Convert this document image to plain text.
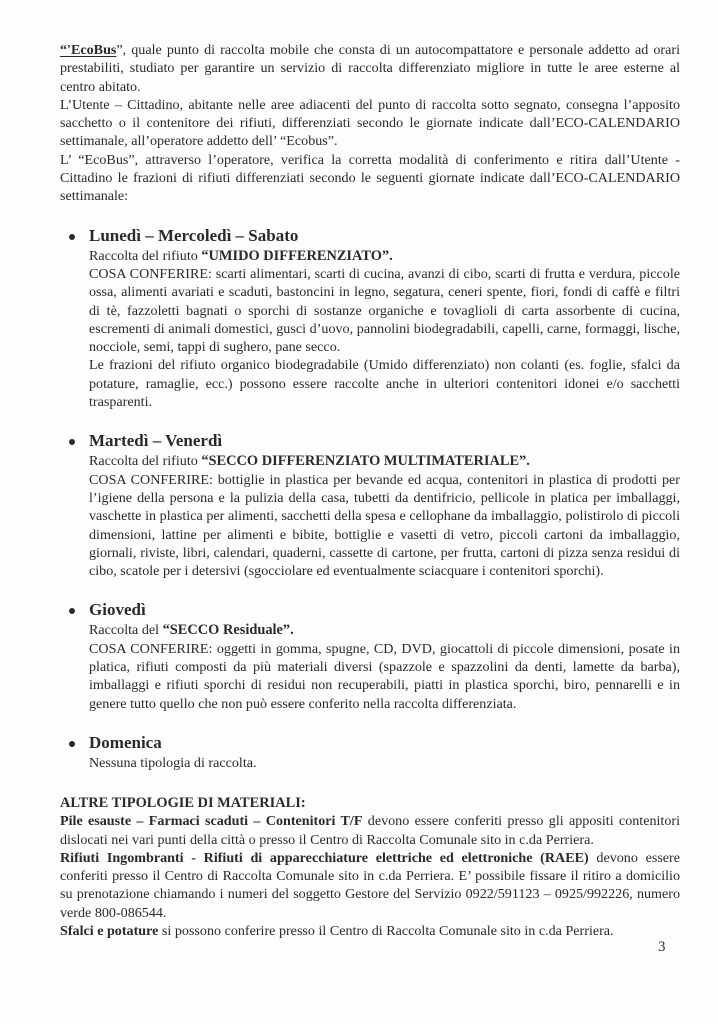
“'EcoBus”, quale punto di raccolta mobile che consta di un autocompattatore e personale addetto ad orari prestabiliti, studiato per garantire un servizio di raccolta differenziato migliore in tutte le aree esterne al centro abitato.

L’Utente – Cittadino, abitante nelle aree adiacenti del punto di raccolta sotto segnato, consegna l’apposito sacchetto o il contenitore dei rifiuti, differenziati secondo le giornate indicate dall’ECO-CALENDARIO settimanale, all’operatore addetto dell’ “Ecobus”.

L’ “EcoBus”, attraverso l’operatore, verifica la corretta modalità di conferimento e ritira dall’Utente - Cittadino le frazioni di rifiuti differenziati secondo le seguenti giornate indicate dall’ECO-CALENDARIO settimanale:

Lunedì – Mercoledì – Sabato

Raccolta del rifiuto “UMIDO DIFFERENZIATO”.

COSA CONFERIRE: scarti alimentari, scarti di cucina, avanzi di cibo, scarti di frutta e verdura, piccole ossa, alimenti avariati e scaduti, bastoncini in legno, segatura, ceneri spente, fiori, fondi di caffè e filtri di tè, fazzoletti bagnati o sporchi di sostanze organiche e tovaglioli di carta assorbente di cucina, escrementi di animali domestici, gusci d’uovo, pannolini biodegradabili, capelli, carne, formaggi, lische, nocciole, semi, tappi di sughero, pane secco.

Le frazioni del rifiuto organico biodegradabile (Umido differenziato) non colanti (es. foglie, sfalci da potature, ramaglie, ecc.) possono essere raccolte anche in ulteriori contenitori idonei e/o sacchetti trasparenti.

Martedì – Venerdì

Raccolta del rifiuto “SECCO DIFFERENZIATO MULTIMATERIALE”.

COSA CONFERIRE: bottiglie in plastica per bevande ed acqua, contenitori in plastica di prodotti per l’igiene della persona e la pulizia della casa, tubetti da dentifricio, pellicole in platica per imballaggi, vaschette in plastica per alimenti, sacchetti della spesa e cellophane da imballaggio, polistirolo di piccoli dimensioni, lattine per alimenti e bibite, bottiglie e vasetti di vetro, piccoli cartoni da imballaggio, giornali, riviste, libri, calendari, quaderni, cassette di cartone, per frutta, cartoni di pizza senza residui di cibo, scatole per i detersivi (sgocciolare ed eventualmente sciacquare i contenitori sporchi).

Giovedì

Raccolta del “SECCO Residuale”.

COSA CONFERIRE: oggetti in gomma, spugne, CD, DVD, giocattoli di piccole dimensioni, posate in platica, rifiuti composti da più materiali diversi (spazzole e spazzolini da denti, lamette da barba), imballaggi e rifiuti sporchi di residui non recuperabili, piatti in plastica sporchi, biro, pennarelli e in genere tutto quello che non può essere conferito nella raccolta differenziata.

Domenica

Nessuna tipologia di raccolta.

ALTRE TIPOLOGIE DI MATERIALI:

Pile esauste – Farmaci scaduti – Contenitori T/F devono essere conferiti presso gli appositi contenitori dislocati nei vari punti della città o presso il Centro di Raccolta Comunale sito in c.da Perriera.

Rifiuti Ingombranti - Rifiuti di apparecchiature elettriche ed elettroniche (RAEE) devono essere conferiti presso il Centro di Raccolta Comunale sito in c.da Perriera. E’ possibile fissare il ritiro a domicilio su prenotazione chiamando i numeri del soggetto Gestore del Servizio 0922/591123 – 0925/992226, numero verde 800-086544.

Sfalci e potature si possono conferire presso il Centro di Raccolta Comunale sito in c.da Perriera.

3
